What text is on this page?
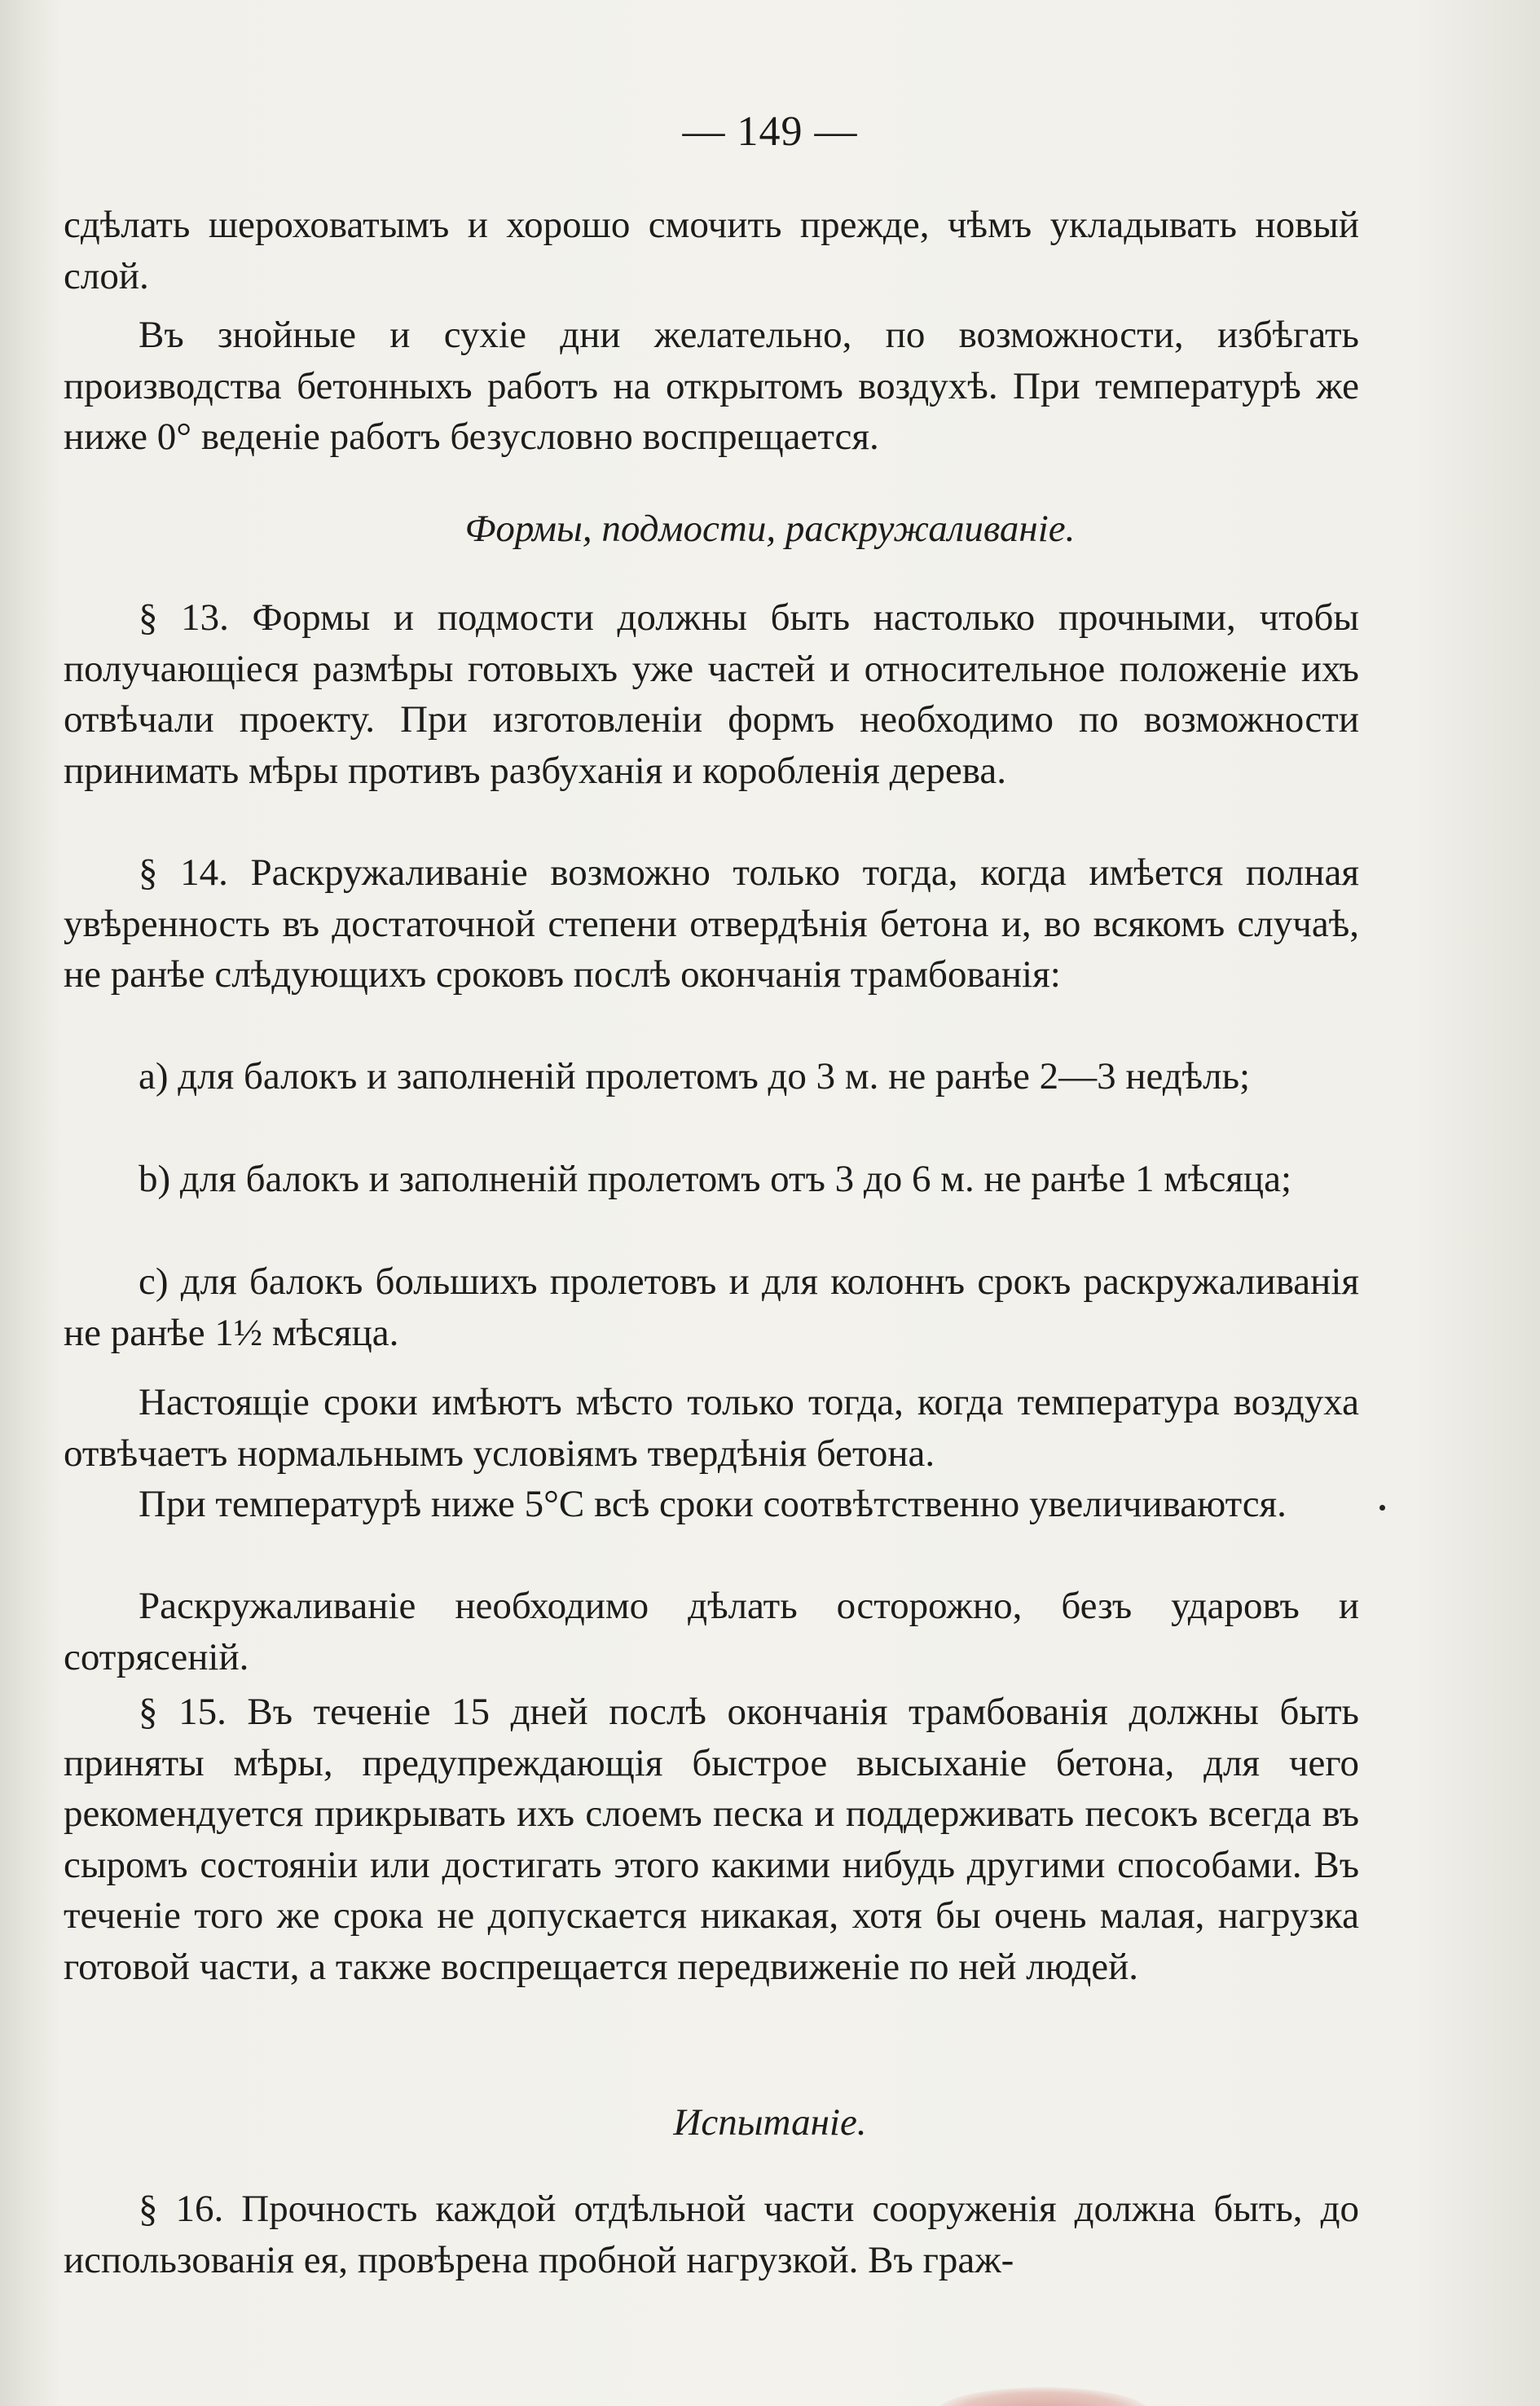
— 149 —

сдѣлать шероховатымъ и хорошо смочить прежде, чѣмъ укладывать новый слой.

Въ знойные и сухіе дни желательно, по возможности, избѣгать производства бетонныхъ работъ на открытомъ воздухѣ. При температурѣ же ниже 0° веденіе работъ безусловно воспрещается.

Формы, подмости, раскружаливаніе.

§ 13. Формы и подмости должны быть настолько прочными, чтобы получающіеся размѣры готовыхъ уже частей и относительное положеніе ихъ отвѣчали проекту. При изготовленіи формъ необходимо по возможности принимать мѣры противъ разбуханія и коробленія дерева.

§ 14. Раскружаливаніе возможно только тогда, когда имѣется полная увѣренность въ достаточной степени отвердѣнія бетона и, во всякомъ случаѣ, не ранѣе слѣдующихъ сроковъ послѣ окончанія трамбованія:

а) для балокъ и заполненій пролетомъ до 3 м. не ранѣе 2—3 недѣль;

b) для балокъ и заполненій пролетомъ отъ 3 до 6 м. не ранѣе 1 мѣсяца;

с) для балокъ большихъ пролетовъ и для колоннъ срокъ раскружаливанія не ранѣе 1½ мѣсяца.

Настоящіе сроки имѣютъ мѣсто только тогда, когда температура воздуха отвѣчаетъ нормальнымъ условіямъ твердѣнія бетона.

При температурѣ ниже 5°С всѣ сроки соотвѣтственно увеличиваются.

Раскружаливаніе необходимо дѣлать осторожно, безъ ударовъ и сотрясеній.

§ 15. Въ теченіе 15 дней послѣ окончанія трамбованія должны быть приняты мѣры, предупреждающія быстрое высыханіе бетона, для чего рекомендуется прикрывать ихъ слоемъ песка и поддерживать песокъ всегда въ сыромъ состояніи или достигать этого какими нибудь другими способами. Въ теченіе того же срока не допускается никакая, хотя бы очень малая, нагрузка готовой части, а также воспрещается передвиженіе по ней людей.

Испытаніе.

§ 16. Прочность каждой отдѣльной части сооруженія должна быть, до использованія ея, провѣрена пробной нагрузкой. Въ граж-
